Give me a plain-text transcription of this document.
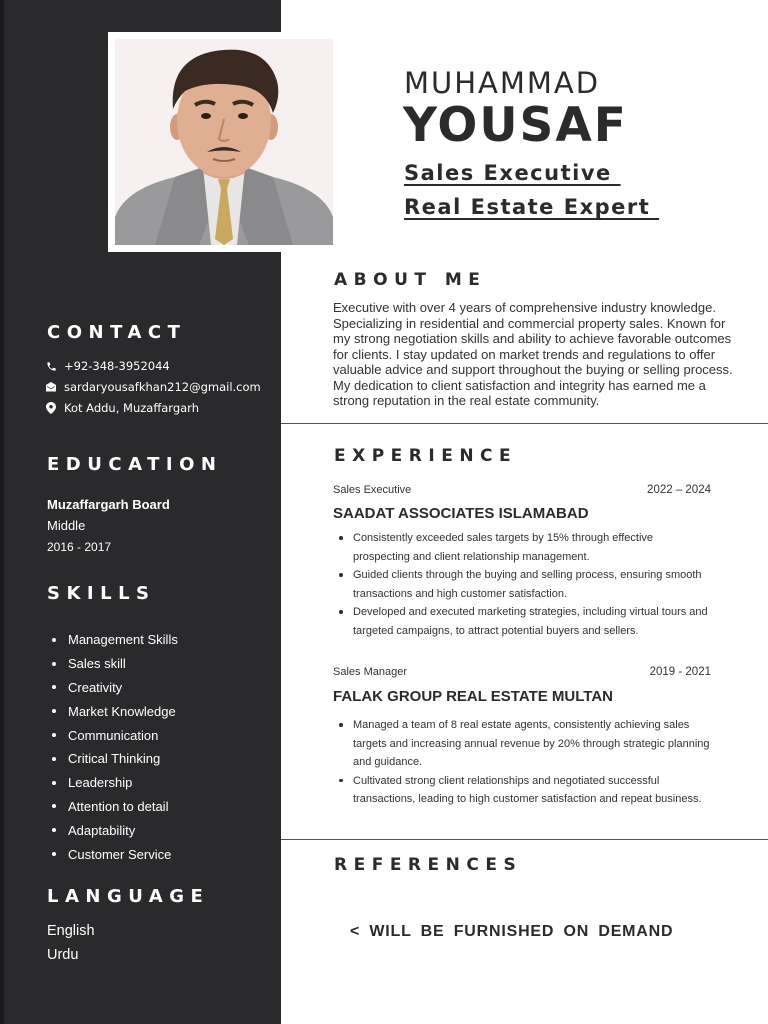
MUHAMMAD
YOUSAF
Sales Executive
Real Estate Expert
CONTACT
+92-348-3952044
sardaryousafkhan212@gmail.com
Kot Addu, Muzaffargarh
EDUCATION
Muzaffargarh Board
Middle
2016 - 2017
SKILLS
Management Skills
Sales skill
Creativity
Market Knowledge
Communication
Critical Thinking
Leadership
Attention to detail
Adaptability
Customer Service
LANGUAGE
English
Urdu
ABOUT ME
Executive with over 4 years of comprehensive industry knowledge. Specializing in residential and commercial property sales. Known for my strong negotiation skills and ability to achieve favorable outcomes for clients. I stay updated on market trends and regulations to offer valuable advice and support throughout the buying or selling process. My dedication to client satisfaction and integrity has earned me a strong reputation in the real estate community.
EXPERIENCE
Sales Executive	2022 – 2024
SAADAT ASSOCIATES ISLAMABAD
Consistently exceeded sales targets by 15% through effective prospecting and client relationship management.
Guided clients through the buying and selling process, ensuring smooth transactions and high customer satisfaction.
Developed and executed marketing strategies, including virtual tours and targeted campaigns, to attract potential buyers and sellers.
Sales Manager	2019 - 2021
FALAK GROUP REAL ESTATE MULTAN
Managed a team of 8 real estate agents, consistently achieving sales targets and increasing annual revenue by 20% through strategic planning and guidance.
Cultivated strong client relationships and negotiated successful transactions, leading to high customer satisfaction and repeat business.
REFERENCES
< WILL BE FURNISHED ON DEMAND
